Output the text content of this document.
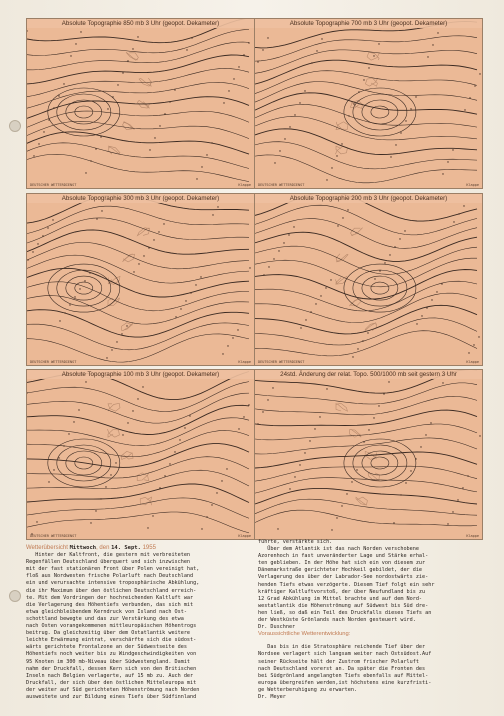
Absolute Topographie 850 mb 3 Uhr (geopot. Dekameter)
DEUTSCHER WETTERDIENST	Klappe
Absolute Topographie 700 mb 3 Uhr (geopot. Dekameter)
DEUTSCHER WETTERDIENST	Klappe
Absolute Topographie 300 mb 3 Uhr (geopot. Dekameter)
DEUTSCHER WETTERDIENST	Klappe
Absolute Topographie 200 mb 3 Uhr (geopot. Dekameter)
DEUTSCHER WETTERDIENST	Klappe
Absolute Topographie 100 mb 3 Uhr (geopot. Dekameter)
DEUTSCHER WETTERDIENST	Klappe
24std. Änderung der relat. Topo. 500/1000 mb seit gestern 3 Uhr
Klappe
Wetterübersicht Mittwoch, den 14. Sept. 1955

Hinter der Kaltfront, die gestern mit verbreiteten

Regenfällen Deutschland überquert und sich inzwischen

mit der fast stationären Front über Polen vereinigt hat,

floß aus Nordwesten frische Polarluft nach Deutschland

ein und verursachte intensive troposphärische Abkühlung,

die ihr Maximum über den östlichen Deutschland erreich-

te. Mit dem Vordringen der hochreichenden Kaltluft war

die Verlagerung des Höhentiefs verbunden, das sich mit

etwa gleichbleibendem Kerndruck von Island nach Ost-

schottland bewegte und das zur Verstärkung des etwa

nach Osten vorangekommenen mittleuropäischen Höhentrogs

beitrug. Da gleichzeitig über dem Ostatlantik weitere

leichte Erwärmung eintrat, verschärfte sich die südost-

wärts gerichtete Frontalzone an der Südwestseite des

Höhentiefs noch weiter bis zu Windgeschwindigkeiten von

95 Knoten im 300 mb-Niveau über Südwestengland. Damit

nahm der Druckfall, dessen Kern sich von den Britischen

Inseln nach Belgien verlagerte, auf 15 mb zu. Auch der

Druckfall, der sich über den östlichen Mitteleuropa mit

der weiter auf Süd gerichteten Höhenströmung nach Norden

ausweitete und zur Bildung eines Tiefs über Südfinnland

führte, verstärkte sich.

Über dem Atlantik ist das nach Norden verschobene

Azorenhoch in fast unveränderter Lage und Stärke erhal-

ten geblieben. In der Höhe hat sich ein von diesem zur

Dänemarkstraße gerichteter Hochkeil gebildet, der die

Verlagerung des über der Labrador-See nordostwärts zie-

henden Tiefs etwas verzögerte. Diesem Tief folgt ein sehr

kräftiger Kaltluftvorstoß, der über Neufundland bis zu

12 Grad Abkühlung im Mittel brachte und auf dem Nord-

westatlantik die Höhenströmung auf Südwest bis Süd dre-

hen ließ, so daß ein Teil des Druckfalls dieses Tiefs an

der Westküste Grönlands nach Norden gesteuert wird.

Dr. Duschner

Voraussichtliche Wetterentwicklung:

Das bis in die Stratosphäre reichende Tief über der

Nordsee verlagert sich langsam weiter nach Ostsüdost.Auf

seiner Rückseite hält der Zustrom frischer Polarluft

nach Deutschland vorerst an. Da später die Fronten des

bei Südgrönland angelangten Tiefs ebenfalls auf Mittel-

europa übergreifen werden,ist höchstens eine kurzfristi-

ge Wetterberuhigung zu erwarten.

Dr. Meyer
